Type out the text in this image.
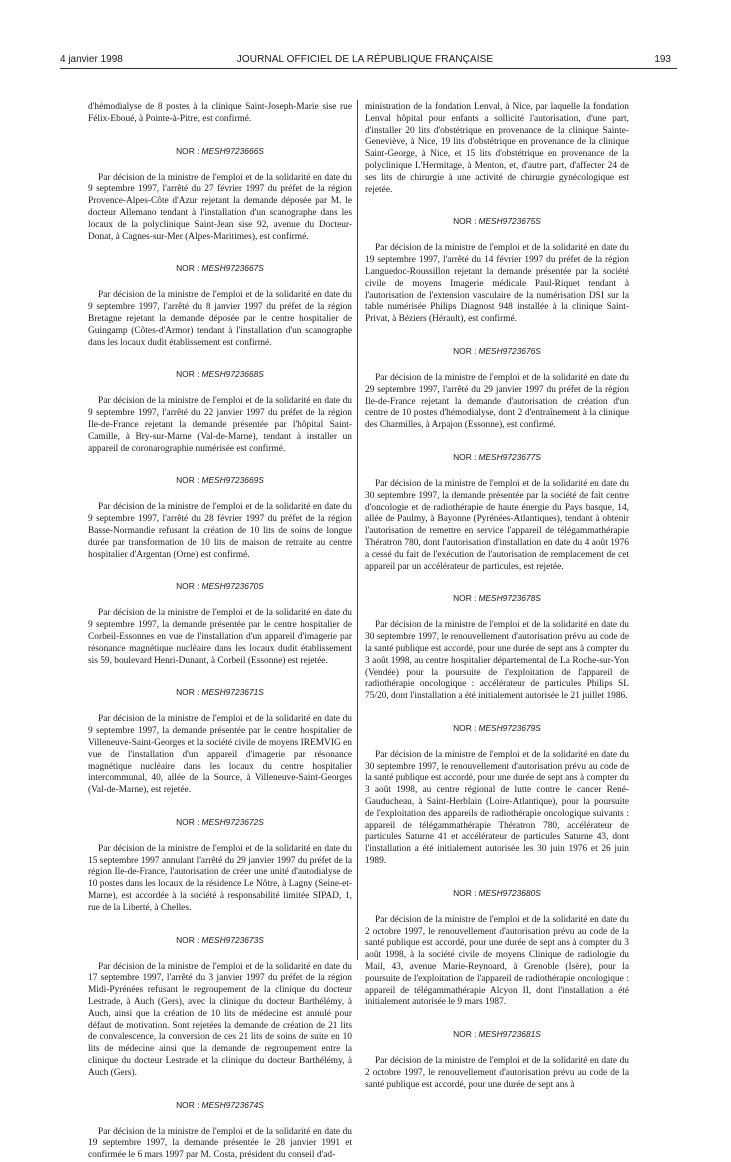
4 janvier 1998	JOURNAL OFFICIEL DE LA RÉPUBLIQUE FRANÇAISE	193

d'hémodialyse de 8 postes à la clinique Saint-Joseph-Marie sise rue Félix-Eboué, à Pointe-à-Pitre, est confirmé.

NOR : MESH9723666S

Par décision de la ministre de l'emploi et de la solidarité en date du 9 septembre 1997, l'arrêté du 27 février 1997 du préfet de la région Provence-Alpes-Côte d'Azur rejetant la demande déposée par M. le docteur Allemano tendant à l'installation d'un scanographe dans les locaux de la polyclinique Saint-Jean sise 92, avenue du Docteur-Donat, à Cagnes-sur-Mer (Alpes-Maritimes), est confirmé.

NOR : MESH9723667S

Par décision de la ministre de l'emploi et de la solidarité en date du 9 septembre 1997, l'arrêté du 8 janvier 1997 du préfet de la région Bretagne rejetant la demande déposée par le centre hospitalier de Guingamp (Côtes-d'Armor) tendant à l'installation d'un scanographe dans les locaux dudit établissement est confirmé.

NOR : MESH9723668S

Par décision de la ministre de l'emploi et de la solidarité en date du 9 septembre 1997, l'arrêté du 22 janvier 1997 du préfet de la région Ile-de-France rejetant la demande présentée par l'hôpital Saint-Camille, à Bry-sur-Marne (Val-de-Marne), tendant à installer un appareil de coronarographie numérisée est confirmé.

NOR : MESH9723669S

Par décision de la ministre de l'emploi et de la solidarité en date du 9 septembre 1997, l'arrêté du 28 février 1997 du préfet de la région Basse-Normandie refusant la création de 10 lits de soins de longue durée par transformation de 10 lits de maison de retraite au centre hospitalier d'Argentan (Orne) est confirmé.

NOR : MESH9723670S

Par décision de la ministre de l'emploi et de la solidarité en date du 9 septembre 1997, la demande présentée par le centre hospitalier de Corbeil-Essonnes en vue de l'installation d'un appareil d'imagerie par résonance magnétique nucléaire dans les locaux dudit établissement sis 59, boulevard Henri-Dunant, à Corbeil (Essonne) est rejetée.

NOR : MESH9723671S

Par décision de la ministre de l'emploi et de la solidarité en date du 9 septembre 1997, la demande présentée par le centre hospitalier de Villeneuve-Saint-Georges et la société civile de moyens IREMVIG en vue de l'installation d'un appareil d'imagerie par résonance magnétique nucléaire dans les locaux du centre hospitalier intercommunal, 40, allée de la Source, à Villeneuve-Saint-Georges (Val-de-Marne), est rejetée.

NOR : MESH9723672S

Par décision de la ministre de l'emploi et de la solidarité en date du 15 septembre 1997 annulant l'arrêté du 29 janvier 1997 du préfet de la région Ile-de-France, l'autorisation de créer une unité d'autodialyse de 10 postes dans les locaux de la résidence Le Nôtre, à Lagny (Seine-et-Marne), est accordée à la société à responsabilité limitée SIPAD, 1, rue de la Liberté, à Chelles.

NOR : MESH9723673S

Par décision de la ministre de l'emploi et de la solidarité en date du 17 septembre 1997, l'arrêté du 3 janvier 1997 du préfet de la région Midi-Pyrénées refusant le regroupement de la clinique du docteur Lestrade, à Auch (Gers), avec la clinique du docteur Barthélémy, à Auch, ainsi que la création de 10 lits de médecine est annulé pour défaut de motivation. Sont rejetées la demande de création de 21 lits de convalescence, la conversion de ces 21 lits de soins de suite en 10 lits de médecine ainsi que la demande de regroupement entre la clinique du docteur Lestrade et la clinique du docteur Barthélémy, à Auch (Gers).

NOR : MESH9723674S

Par décision de la ministre de l'emploi et de la solidarité en date du 19 septembre 1997, la demande présentée le 28 janvier 1991 et confirmée le 6 mars 1997 par M. Costa, président du conseil d'ad-

ministration de la fondation Lenval, à Nice, par laquelle la fondation Lenval hôpital pour enfants a sollicité l'autorisation, d'une part, d'installer 20 lits d'obstétrique en provenance de la clinique Sainte-Geneviève, à Nice, 19 lits d'obstétrique en provenance de la clinique Saint-George, à Nice, et 15 lits d'obstétrique en provenance de la polyclinique L'Hermitage, à Menton, et, d'autre part, d'affecter 24 de ses lits de chirurgie à une activité de chirurgie gynécologique est rejetée.

NOR : MESH9723675S

Par décision de la ministre de l'emploi et de la solidarité en date du 19 septembre 1997, l'arrêté du 14 février 1997 du préfet de la région Languedoc-Roussillon rejetant la demande présentée par la société civile de moyens Imagerie médicale Paul-Riquet tendant à l'autorisation de l'extension vasculaire de la numérisation DSI sur la table numérisée Philips Diagnost 948 installée à la clinique Saint-Privat, à Béziers (Hérault), est confirmé.

NOR : MESH9723676S

Par décision de la ministre de l'emploi et de la solidarité en date du 29 septembre 1997, l'arrêté du 29 janvier 1997 du préfet de la région Ile-de-France rejetant la demande d'autorisation de création d'un centre de 10 postes d'hémodialyse, dont 2 d'entraînement à la clinique des Charmilles, à Arpajon (Essonne), est confirmé.

NOR : MESH9723677S

Par décision de la ministre de l'emploi et de la solidarité en date du 30 septembre 1997, la demande présentée par la société de fait centre d'oncologie et de radiothérapie de haute énergie du Pays basque, 14, allée de Paulmy, à Bayonne (Pyrénées-Atlantiques), tendant à obtenir l'autorisation de remettre en service l'appareil de télégammathérapie Thératron 780, dont l'autorisation d'installation en date du 4 août 1976 a cessé du fait de l'exécution de l'autorisation de remplacement de cet appareil par un accélérateur de particules, est rejetée.

NOR : MESH9723678S

Par décision de la ministre de l'emploi et de la solidarité en date du 30 septembre 1997, le renouvellement d'autorisation prévu au code de la santé publique est accordé, pour une durée de sept ans à compter du 3 août 1998, au centre hospitalier départemental de La Roche-sur-Yon (Vendée) pour la poursuite de l'exploitation de l'appareil de radiothérapie oncologique : accélérateur de particules Philips SL 75/20, dont l'installation a été initialement autorisée le 21 juillet 1986.

NOR : MESH9723679S

Par décision de la ministre de l'emploi et de la solidarité en date du 30 septembre 1997, le renouvellement d'autorisation prévu au code de la santé publique est accordé, pour une durée de sept ans à compter du 3 août 1998, au centre régional de lutte contre le cancer René-Gauducheau, à Saint-Herblain (Loire-Atlantique), pour la poursuite de l'exploitation des appareils de radiothérapie oncologique suivants : appareil de télégammathérapie Thératron 780, accélérateur de particules Saturne 41 et accélérateur de particules Saturne 43, dont l'installation a été initialement autorisée les 30 juin 1976 et 26 juin 1989.

NOR : MESH9723680S

Par décision de la ministre de l'emploi et de la solidarité en date du 2 octobre 1997, le renouvellement d'autorisation prévu au code de la santé publique est accordé, pour une durée de sept ans à compter du 3 août 1998, à la société civile de moyens Clinique de radiologie du Mail, 43, avenue Marie-Reynoard, à Grenoble (Isère), pour la poursuite de l'exploitation de l'appareil de radiothérapie oncologique : appareil de télégammathérapie Alcyon II, dont l'installation a été initialement autorisée le 9 mars 1987.

NOR : MESH9723681S

Par décision de la ministre de l'emploi et de la solidarité en date du 2 octobre 1997, le renouvellement d'autorisation prévu au code de la santé publique est accordé, pour une durée de sept ans à
